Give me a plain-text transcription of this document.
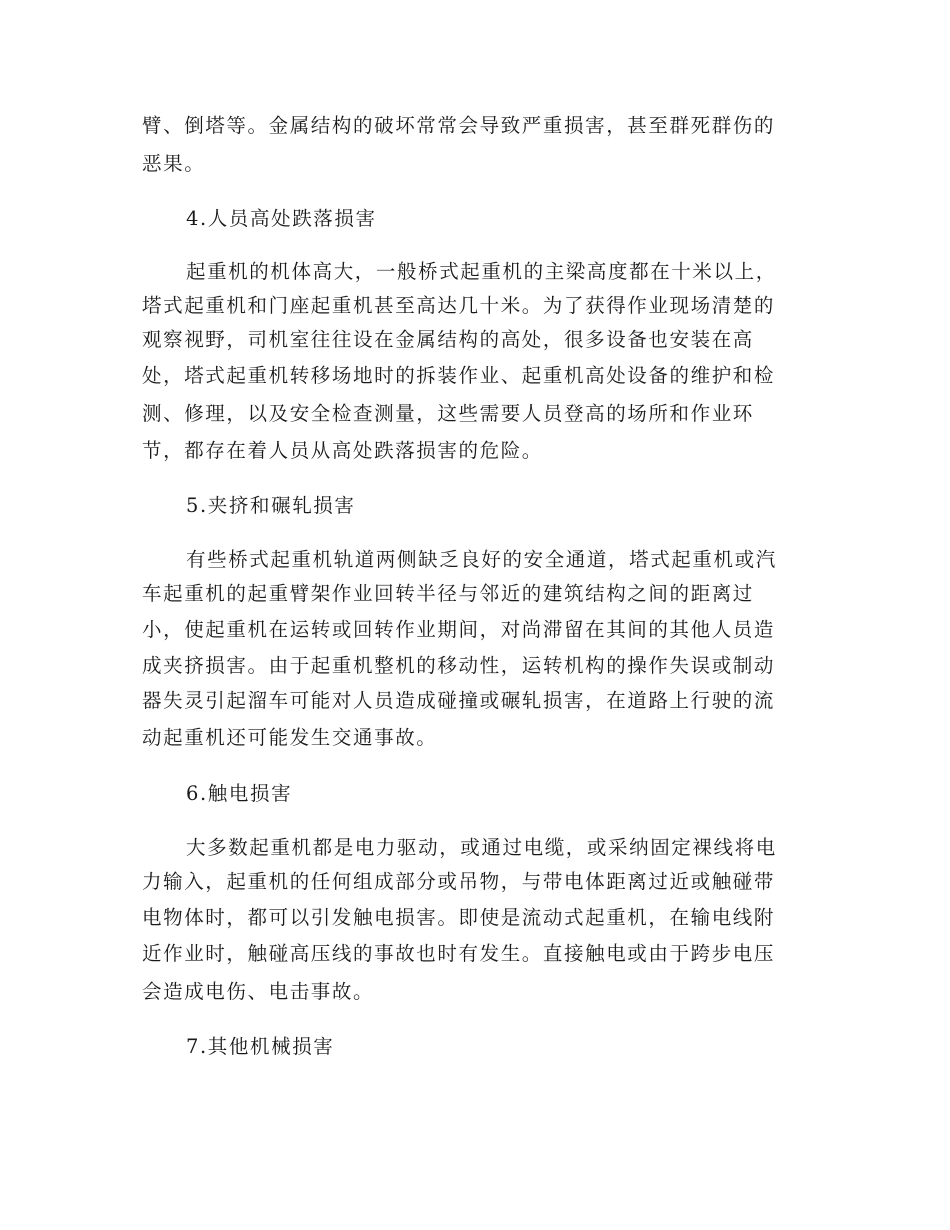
臂、倒塔等。金属结构的破坏常常会导致严重损害，甚至群死群伤的
恶果。
4.人员高处跌落损害
起重机的机体高大，一般桥式起重机的主梁高度都在十米以上，
塔式起重机和门座起重机甚至高达几十米。为了获得作业现场清楚的
观察视野，司机室往往设在金属结构的高处，很多设备也安装在高
处，塔式起重机转移场地时的拆装作业、起重机高处设备的维护和检
测、修理，以及安全检查测量，这些需要人员登高的场所和作业环
节，都存在着人员从高处跌落损害的危险。
5.夹挤和碾轧损害
有些桥式起重机轨道两侧缺乏良好的安全通道，塔式起重机或汽
车起重机的起重臂架作业回转半径与邻近的建筑结构之间的距离过
小，使起重机在运转或回转作业期间，对尚滞留在其间的其他人员造
成夹挤损害。由于起重机整机的移动性，运转机构的操作失误或制动
器失灵引起溜车可能对人员造成碰撞或碾轧损害，在道路上行驶的流
动起重机还可能发生交通事故。
6.触电损害
大多数起重机都是电力驱动，或通过电缆，或采纳固定裸线将电
力输入，起重机的任何组成部分或吊物，与带电体距离过近或触碰带
电物体时，都可以引发触电损害。即使是流动式起重机，在输电线附
近作业时，触碰高压线的事故也时有发生。直接触电或由于跨步电压
会造成电伤、电击事故。
7.其他机械损害
